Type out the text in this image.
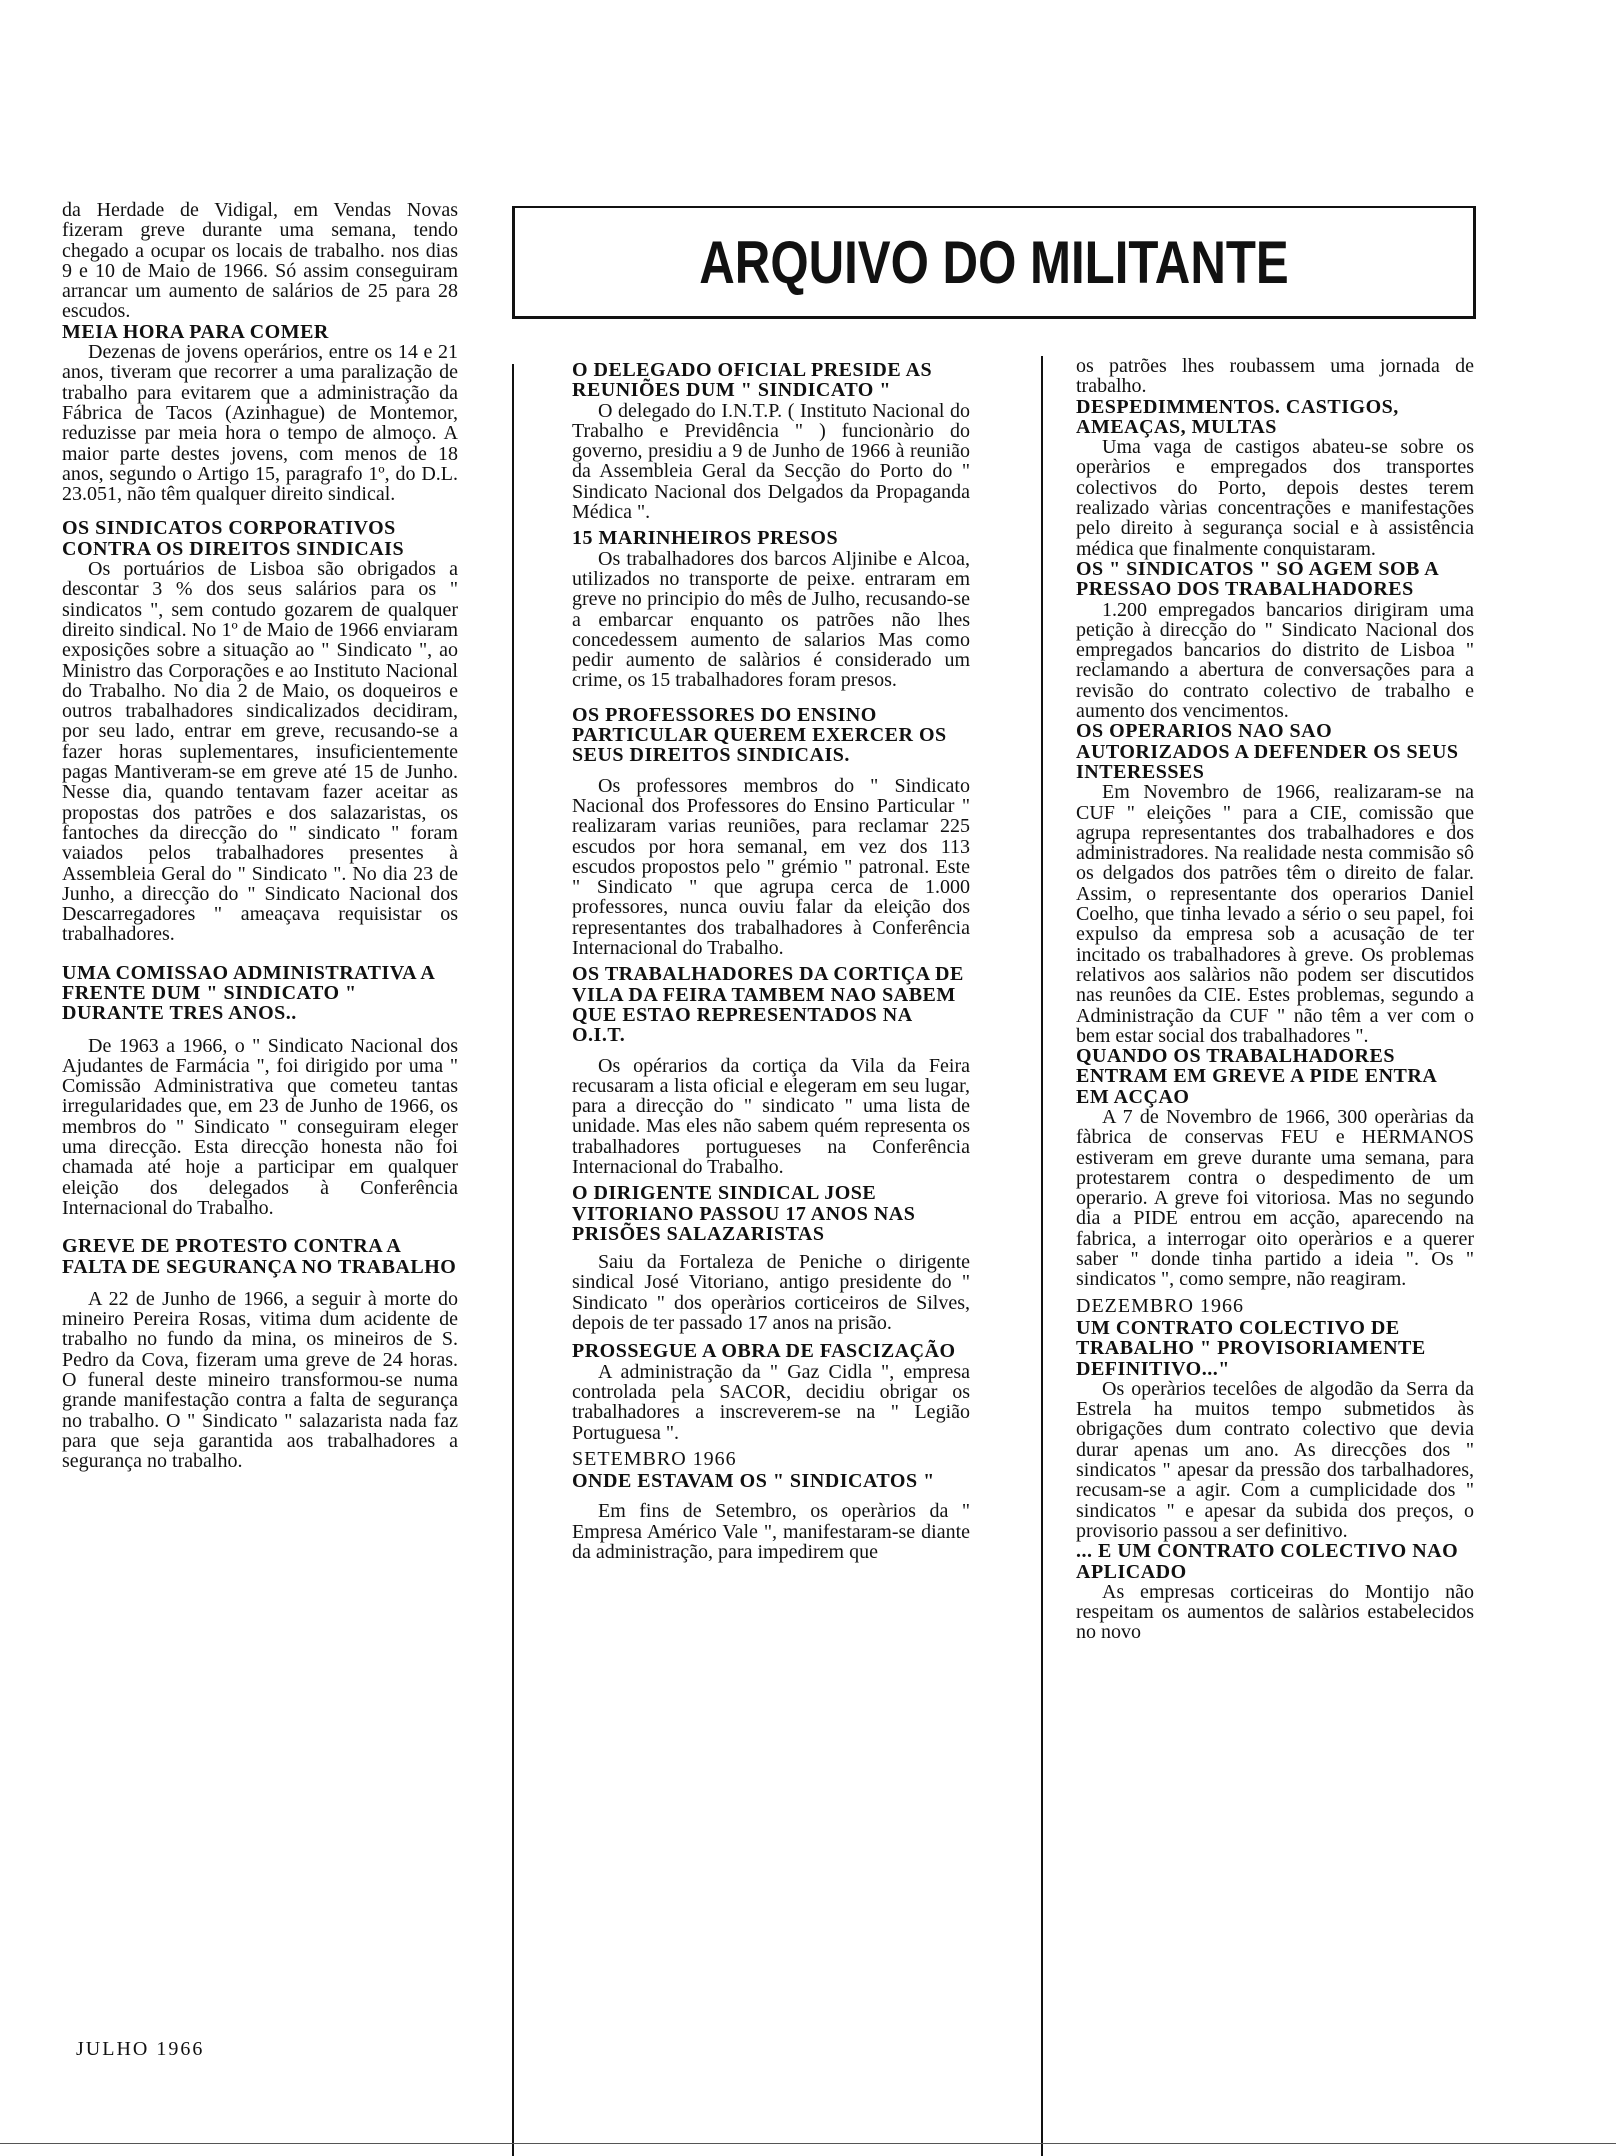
ARQUIVO DO MILITANTE
da Herdade de Vidigal, em Vendas Novas fizeram greve durante uma semana, tendo chegado a ocupar os locais de trabalho. nos dias 9 e 10 de Maio de 1966. Só assim conseguiram arrancar um aumento de salários de 25 para 28 escudos.
MEIA HORA PARA COMER
Dezenas de jovens operários, entre os 14 e 21 anos, tiveram que recorrer a uma paralização de trabalho para evitarem que a administração da Fábrica de Tacos (Azinhague) de Montemor, reduzisse par meia hora o tempo de almoço. A maior parte destes jovens, com menos de 18 anos, segundo o Artigo 15, paragrafo 1º, do D.L. 23.051, não têm qualquer direito sindical.
OS SINDICATOS CORPORATIVOS CONTRA OS DIREITOS SINDICAIS
Os portuários de Lisboa são obrigados a descontar 3 % dos seus salários para os " sindicatos ", sem contudo gozarem de qualquer direito sindical. No 1º de Maio de 1966 enviaram exposições sobre a situação ao " Sindicato ", ao Ministro das Corporações e ao Instituto Nacional do Trabalho. No dia 2 de Maio, os doqueiros e outros trabalhadores sindicalizados decidiram, por seu lado, entrar em greve, recusando-se a fazer horas suplementares, insuficientemente pagas Mantiveram-se em greve até 15 de Junho. Nesse dia, quando tentavam fazer aceitar as propostas dos patrões e dos salazaristas, os fantoches da direcção do " sindicato " foram vaiados pelos trabalhadores presentes à Assembleia Geral do " Sindicato ". No dia 23 de Junho, a direcção do " Sindicato Nacional dos Descarregadores " ameaçava requisistar os trabalhadores.
UMA COMISSAO ADMINISTRATIVA A FRENTE DUM " SINDICATO " DURANTE TRES ANOS..
De 1963 a 1966, o " Sindicato Nacional dos Ajudantes de Farmácia ", foi dirigido por uma " Comissão Administrativa que cometeu tantas irregularidades que, em 23 de Junho de 1966, os membros do " Sindicato " conseguiram eleger uma direcção. Esta direcção honesta não foi chamada até hoje a participar em qualquer eleição dos delegados à Conferência Internacional do Trabalho.
GREVE DE PROTESTO CONTRA A FALTA DE SEGURANÇA NO TRABALHO
A 22 de Junho de 1966, a seguir à morte do mineiro Pereira Rosas, vitima dum acidente de trabalho no fundo da mina, os mineiros de S. Pedro da Cova, fizeram uma greve de 24 horas. O funeral deste mineiro transformou-se numa grande manifestação contra a falta de segurança no trabalho. O " Sindicato " salazarista nada faz para que seja garantida aos trabalhadores a segurança no trabalho.
O DELEGADO OFICIAL PRESIDE AS REUNIÕES DUM " SINDICATO "
O delegado do I.N.T.P. ( Instituto Nacional do Trabalho e Previdência " ) funcionàrio do governo, presidiu a 9 de Junho de 1966 à reunião da Assembleia Geral da Secção do Porto do " Sindicato Nacional dos Delgados da Propaganda Médica ".
15 MARINHEIROS PRESOS
Os trabalhadores dos barcos Aljinibe e Alcoa, utilizados no transporte de peixe. entraram em greve no principio do mês de Julho, recusando-se a embarcar enquanto os patrões não lhes concedessem aumento de salarios Mas como pedir aumento de salàrios é considerado um crime, os 15 trabalhadores foram presos.
OS PROFESSORES DO ENSINO PARTICULAR QUEREM EXERCER OS SEUS DIREITOS SINDICAIS.
Os professores membros do " Sindicato Nacional dos Professores do Ensino Particular " realizaram varias reuniões, para reclamar 225 escudos por hora semanal, em vez dos 113 escudos propostos pelo " grémio " patronal. Este " Sindicato " que agrupa cerca de 1.000 professores, nunca ouviu falar da eleição dos representantes dos trabalhadores à Conferência Internacional do Trabalho.
OS TRABALHADORES DA CORTIÇA DE VILA DA FEIRA TAMBEM NAO SABEM QUE ESTAO REPRESENTADOS NA O.I.T.
Os opérarios da cortiça da Vila da Feira recusaram a lista oficial e elegeram em seu lugar, para a direcção do " sindicato " uma lista de unidade. Mas eles não sabem quém representa os trabalhadores portugueses na Conferência Internacional do Trabalho.
O DIRIGENTE SINDICAL JOSE VITORIANO PASSOU 17 ANOS NAS PRISÕES SALAZARISTAS
Saiu da Fortaleza de Peniche o dirigente sindical José Vitoriano, antigo presidente do " Sindicato " dos operàrios corticeiros de Silves, depois de ter passado 17 anos na prisão.
PROSSEGUE A OBRA DE FASCIZAÇÃO
A administração da " Gaz Cidla ", empresa controlada pela SACOR, decidiu obrigar os trabalhadores a inscreverem-se na " Legião Portuguesa ".
SETEMBRO 1966
ONDE ESTAVAM OS " SINDICATOS "
Em fins de Setembro, os operàrios da " Empresa Américo Vale ", manifestaram-se diante da administração, para impedirem que
os patrões lhes roubassem uma jornada de trabalho.
DESPEDIMMENTOS. CASTIGOS, AMEAÇAS, MULTAS
Uma vaga de castigos abateu-se sobre os operàrios e empregados dos transportes colectivos do Porto, depois destes terem realizado vàrias concentrações e manifestações pelo direito à segurança social e à assistência médica que finalmente conquistaram.
OS " SINDICATOS " SO AGEM SOB A PRESSAO DOS TRABALHADORES
1.200 empregados bancarios dirigiram uma petição à direcção do " Sindicato Nacional dos empregados bancarios do distrito de Lisboa " reclamando a abertura de conversações para a revisão do contrato colectivo de trabalho e aumento dos vencimentos.
OS OPERARIOS NAO SAO AUTORIZADOS A DEFENDER OS SEUS INTERESSES
Em Novembro de 1966, realizaram-se na CUF " eleições " para a CIE, comissão que agrupa representantes dos trabalhadores e dos administradores. Na realidade nesta commisão sô os delgados dos patrões têm o direito de falar. Assim, o representante dos operarios Daniel Coelho, que tinha levado a sério o seu papel, foi expulso da empresa sob a acusação de ter incitado os trabalhadores à greve. Os problemas relativos aos salàrios não podem ser discutidos nas reunôes da CIE. Estes problemas, segundo a Administração da CUF " não têm a ver com o bem estar social dos trabalhadores ".
QUANDO OS TRABALHADORES ENTRAM EM GREVE A PIDE ENTRA EM ACÇAO
A 7 de Novembro de 1966, 300 operàrias da fàbrica de conservas FEU e HERMANOS estiveram em greve durante uma semana, para protestarem contra o despedimento de um operario. A greve foi vitoriosa. Mas no segundo dia a PIDE entrou em acção, aparecendo na fabrica, a interrogar oito operàrios e a querer saber " donde tinha partido a ideia ". Os " sindicatos ", como sempre, não reagiram.
DEZEMBRO 1966
UM CONTRATO COLECTIVO DE TRABALHO " PROVISORIAMENTE DEFINITIVO..."
Os operàrios tecelôes de algodão da Serra da Estrela ha muitos tempo submetidos às obrigações dum contrato colectivo que devia durar apenas um ano. As direcções dos " sindicatos " apesar da pressão dos tarbalhadores, recusam-se a agir. Com a cumplicidade dos " sindicatos " e apesar da subida dos preços, o provisorio passou a ser definitivo.
... E UM CONTRATO COLECTIVO NAO APLICADO
As empresas corticeiras do Montijo não respeitam os aumentos de salàrios estabelecidos no novo
JULHO 1966
